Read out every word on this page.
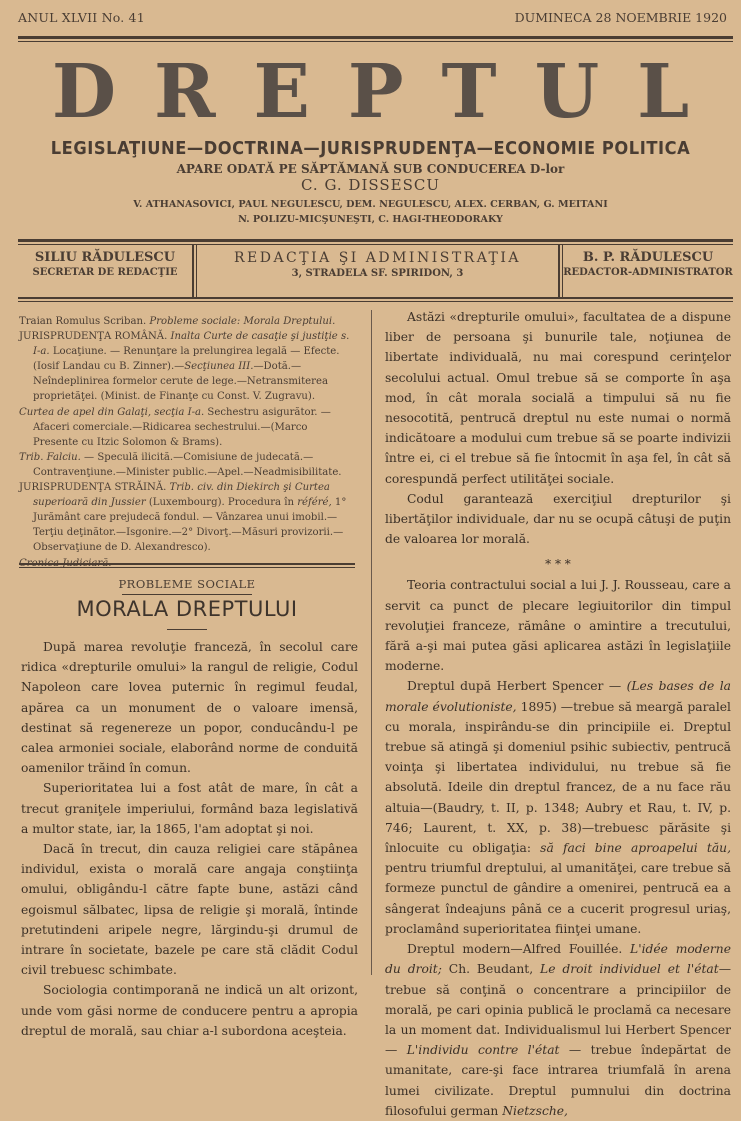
ANUL XLVII No. 41	DUMINECA 28 NOEMBRIE 1920
DREPTUL
LEGISLAŢIUNE—DOCTRINA—JURISPRUDENŢA—ECONOMIE POLITICA
APARE ODATĂ PE SĂPTĂMANĂ SUB CONDUCEREA D-lor
C. G. DISSESCU
V. ATHANASOVICI, PAUL NEGULESCU, DEM. NEGULESCU, ALEX. CERBAN, G. MEITANI
N. POLIZU-MICŞUNEŞTI, C. HAGI-THEODORAKY
SILIU RĂDULESCU
SECRETAR DE REDACŢIE
REDACŢIA ŞI ADMINISTRAŢIA
3, STRADELA SF. SPIRIDON, 3
B. P. RĂDULESCU
REDACTOR-ADMINISTRATOR

Traian Romulus Scriban. Probleme sociale: Morala Dreptului.

JURISPRUDENŢA ROMÂNĂ. Inalta Curte de casaţie şi justiţie s. I-a. Locaţiune. — Renunţare la prelungirea legală — Efecte. (Iosif Landau cu B. Zinner).—Secţiunea III.—Dotă.—Neîndeplinirea formelor cerute de lege.—Netransmiterea proprietăţei. (Minist. de Finanţe cu Const. V. Zugravu).

Curtea de apel din Galaţi, secţia I-a. Sechestru asigurător. — Afaceri comerciale.—Ridicarea sechestrului.—(Marco Presente cu Itzic Solomon & Brams).

Trib. Falciu. — Speculă ilicită.—Comisiune de judecată.—Contravenţiune.—Minister public.—Apel.—Neadmisibilitate.

JURISPRUDENŢA STRĂINĂ. Trib. civ. din Diekirch şi Curtea superioară din Jussier (Luxembourg). Procedura în référé, 1° Jurământ care prejudecă fondul. — Vânzarea unui imobil.—Terţiu deţinător.—Isgonire.—2° Divorţ.—Măsuri provizorii.—Observaţiune de D. Alexandresco).

PROBLEME SOCIALE
MORALA DREPTULUI

După marea revoluţie franceză, în secolul care ridica «drepturile omului» la rangul de religie, Codul Napoleon care lovea puternic în regimul feudal, apărea ca un monument de o valoare imensă, destinat să regenereze un popor, conducându-l pe calea armoniei sociale, elaborând norme de conduită oamenilor trăind în comun.

Superioritatea lui a fost atât de mare, în cât a trecut graniţele imperiului, formând baza legislativă a multor state, iar, la 1865, l'am adoptat şi noi.

Dacă în trecut, din cauza religiei care stăpânea individul, exista o morală care angaja conştiinţa omului, obligându-l către fapte bune, astăzi când egoismul sălbatec, lipsa de religie şi morală, întinde pretutindeni aripele negre, lărgindu-şi drumul de intrare în societate, bazele pe care stă clădit Codul civil trebuesc schimbate.

Sociologia contimporană ne indică un alt orizont, unde vom găsi norme de conducere pentru a apropia dreptul de morală, sau chiar a-l subordona aceşteia.

Astăzi «drepturile omului», facultatea de a dispune liber de persoana şi bunurile tale, noţiunea de libertate individuală, nu mai corespund cerinţelor secolului actual. Omul trebue să se comporte în aşa mod, în cât morala socială a timpului să nu fie nesocotită, pentrucă dreptul nu este numai o normă indicătoare a modului cum trebue să se poarte indivizii între ei, ci el trebue să fie întocmit în aşa fel, în cât să corespundă perfect utilităţei sociale.

Codul garantează exerciţiul drepturilor şi libertăţilor individuale, dar nu se ocupă câtuşi de puţin de valoarea lor morală.

* * *

Teoria contractului social a lui J. J. Rousseau, care a servit ca punct de plecare legiuitorilor din timpul revoluţiei franceze, rămâne o amintire a trecutului, fără a-şi mai putea găsi aplicarea astăzi în legislaţiile moderne.

Dreptul după Herbert Spencer — (Les bases de la morale évolutioniste, 1895) —trebue să meargă paralel cu morala, inspirându-se din principiile ei. Dreptul trebue să atingă şi domeniul psihic subiectiv, pentrucă voinţa şi libertatea individului, nu trebue să fie absolută. Ideile din dreptul francez, de a nu face rău altuia—(Baudry, t. II, p. 1348; Aubry et Rau, t. IV, p. 746; Laurent, t. XX, p. 38)—trebuesc părăsite şi înlocuite cu obligaţia: să faci bine aproapelui tău, pentru triumful dreptului, al umanităţei, care trebue să formeze punctul de gândire a omenirei, pentrucă ea a sângerat îndeajuns până ce a cucerit progresul uriaş, proclamând superioritatea fiinţei umane.

Dreptul modern—Alfred Fouillée. L'idée moderne du droit; Ch. Beudant, Le droit individuel et l'état—trebue să conţină o concentrare a principiilor de morală, pe cari opinia publică le proclamă ca necesare la un moment dat. Individualismul lui Herbert Spencer — L'individu contre l'état — trebue îndepărtat de umanitate, care-şi face intrarea triumfală în arena lumei civilizate. Dreptul pumnului din doctrina filosofului german Nietzsche,
